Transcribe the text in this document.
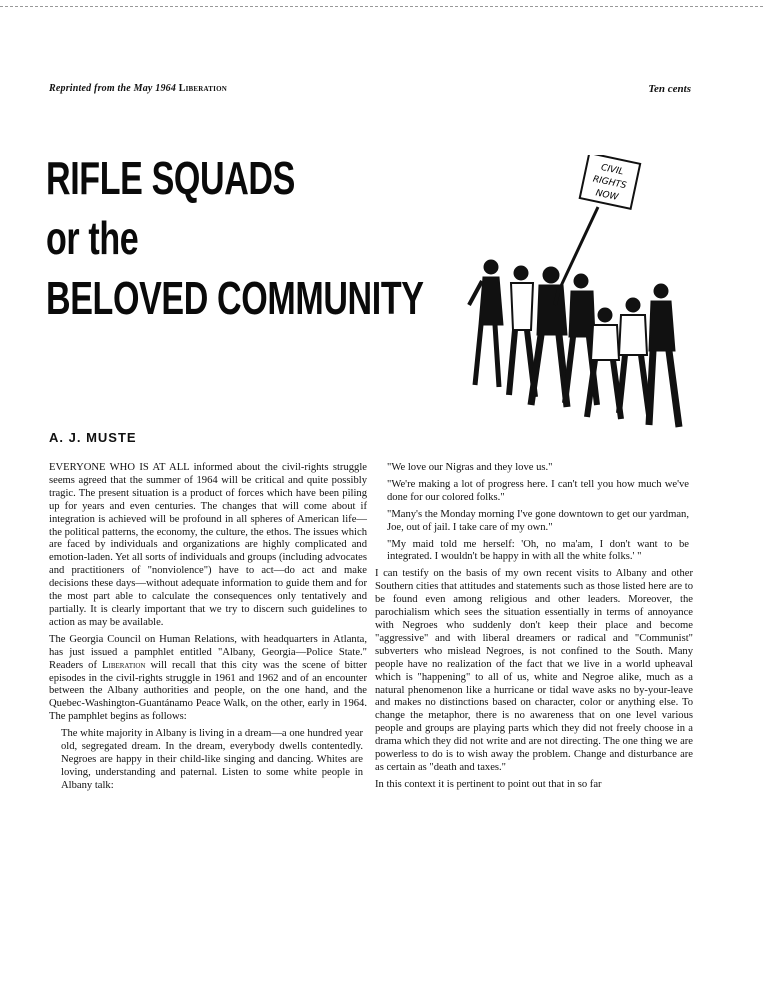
Reprinted from the May 1964 Liberation	Ten cents
RIFLE SQUADS
or the
BELOVED COMMUNITY
CIVIL
RIGHTS
NOW
A. J. MUSTE

EVERYONE WHO IS AT ALL informed about the civil-rights struggle seems agreed that the summer of 1964 will be critical and quite possibly tragic. The present situation is a product of forces which have been piling up for years and even centuries. The changes that will come about if integration is achieved will be profound in all spheres of American life—the political patterns, the economy, the culture, the ethos. The issues which are faced by individuals and organizations are highly complicated and emotion-laden. Yet all sorts of individuals and groups (including advocates and practitioners of "nonviolence") have to act—do act and make decisions these days—without adequate information to guide them and for the most part able to calculate the consequences only tentatively and partially. It is clearly important that we try to discern such guidelines to action as may be available.

The Georgia Council on Human Relations, with headquarters in Atlanta, has just issued a pamphlet entitled "Albany, Georgia—Police State." Readers of Liberation will recall that this city was the scene of bitter episodes in the civil-rights struggle in 1961 and 1962 and of an encounter between the Albany authorities and people, on the one hand, and the Quebec-Washington-Guantánamo Peace Walk, on the other, early in 1964. The pamphlet begins as follows:

The white majority in Albany is living in a dream—a one hundred year old, segregated dream. In the dream, everybody dwells contentedly. Negroes are happy in their child-like singing and dancing. Whites are loving, understanding and paternal. Listen to some white people in Albany talk:

"We love our Nigras and they love us."

"We're making a lot of progress here. I can't tell you how much we've done for our colored folks."

"Many's the Monday morning I've gone downtown to get our yardman, Joe, out of jail. I take care of my own."

"My maid told me herself: 'Oh, no ma'am, I don't want to be integrated. I wouldn't be happy in with all the white folks.' "

I can testify on the basis of my own recent visits to Albany and other Southern cities that attitudes and statements such as those listed here are to be found even among religious and other leaders. Moreover, the parochialism which sees the situation essentially in terms of annoyance with Negroes who suddenly don't keep their place and become "aggressive" and with liberal dreamers or radical and "Communist" subverters who mislead Negroes, is not confined to the South. Many people have no realization of the fact that we live in a world upheaval which is "happening" to all of us, white and Negroe alike, much as a natural phenomenon like a hurricane or tidal wave asks no by-your-leave and makes no distinctions based on character, color or anything else. To change the metaphor, there is no awareness that on one level various people and groups are playing parts which they did not freely choose in a drama which they did not write and are not directing. The one thing we are powerless to do is to wish away the problem. Change and disturbance are as certain as "death and taxes."

In this context it is pertinent to point out that in so far
